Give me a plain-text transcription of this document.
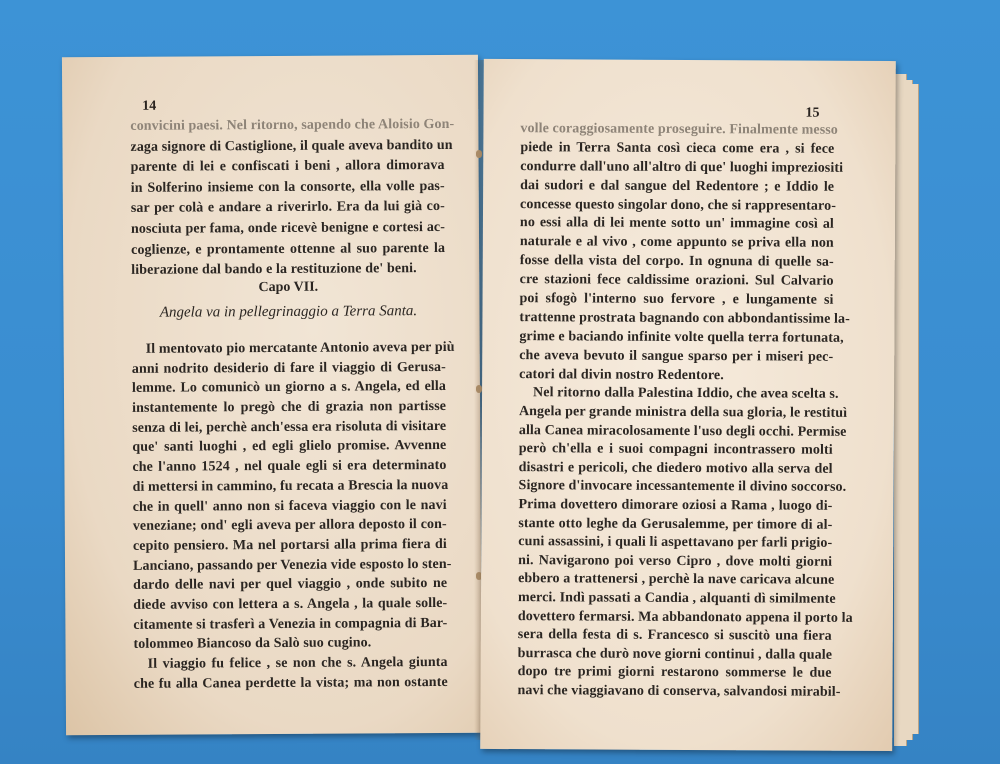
14
convicini paesi. Nel ritorno, sapendo che Aloisio Gon-
zaga signore di Castiglione, il quale aveva bandito un
parente di lei e confiscati i beni , allora dimorava
in Solferino insieme con la consorte, ella volle pas-
sar per colà e andare a riverirlo. Era da lui già co-
nosciuta per fama, onde ricevè benigne e cortesi ac-
coglienze, e prontamente ottenne al suo parente la
liberazione dal bando e la restituzione de' beni.
Capo VII.
Angela va in pellegrinaggio a Terra Santa.
Il mentovato pio mercatante Antonio aveva per più
anni nodrito desiderio di fare il viaggio di Gerusa-
lemme. Lo comunicò un giorno a s. Angela, ed ella
instantemente lo pregò che di grazia non partisse
senza di lei, perchè anch'essa era risoluta di visitare
que' santi luoghi , ed egli glielo promise. Avvenne
che l'anno 1524 , nel quale egli si era determinato
di mettersi in cammino, fu recata a Brescia la nuova
che in quell' anno non si faceva viaggio con le navi
veneziane; ond' egli aveva per allora deposto il con-
cepito pensiero. Ma nel portarsi alla prima fiera di
Lanciano, passando per Venezia vide esposto lo sten-
dardo delle navi per quel viaggio , onde subito ne
diede avviso con lettera a s. Angela , la quale solle-
citamente si trasferì a Venezia in compagnia di Bar-
tolommeo Biancoso da Salò suo cugino.
Il viaggio fu felice , se non che s. Angela giunta
che fu alla Canea perdette la vista; ma non ostante
15
volle coraggiosamente proseguire. Finalmente messo
piede in Terra Santa così cieca come era , si fece
condurre dall'uno all'altro di que' luoghi impreziositi
dai sudori e dal sangue del Redentore ; e Iddio le
concesse questo singolar dono, che si rappresentaro-
no essi alla di lei mente sotto un' immagine così al
naturale e al vivo , come appunto se priva ella non
fosse della vista del corpo. In ognuna di quelle sa-
cre stazioni fece caldissime orazioni. Sul Calvario
poi sfogò l'interno suo fervore , e lungamente si
trattenne prostrata bagnando con abbondantissime la-
grime e baciando infinite volte quella terra fortunata,
che aveva bevuto il sangue sparso per i miseri pec-
catori dal divin nostro Redentore.
Nel ritorno dalla Palestina Iddio, che avea scelta s.
Angela per grande ministra della sua gloria, le restituì
alla Canea miracolosamente l'uso degli occhi. Permise
però ch'ella e i suoi compagni incontrassero molti
disastri e pericoli, che diedero motivo alla serva del
Signore d'invocare incessantemente il divino soccorso.
Prima dovettero dimorare oziosi a Rama , luogo di-
stante otto leghe da Gerusalemme, per timore di al-
cuni assassini, i quali li aspettavano per farli prigio-
ni. Navigarono poi verso Cipro , dove molti giorni
ebbero a trattenersi , perchè la nave caricava alcune
merci. Indì passati a Candia , alquanti dì similmente
dovettero fermarsi. Ma abbandonato appena il porto la
sera della festa di s. Francesco si suscitò una fiera
burrasca che durò nove giorni continui , dalla quale
dopo tre primi giorni restarono sommerse le due
navi che viaggiavano di conserva, salvandosi mirabil-
